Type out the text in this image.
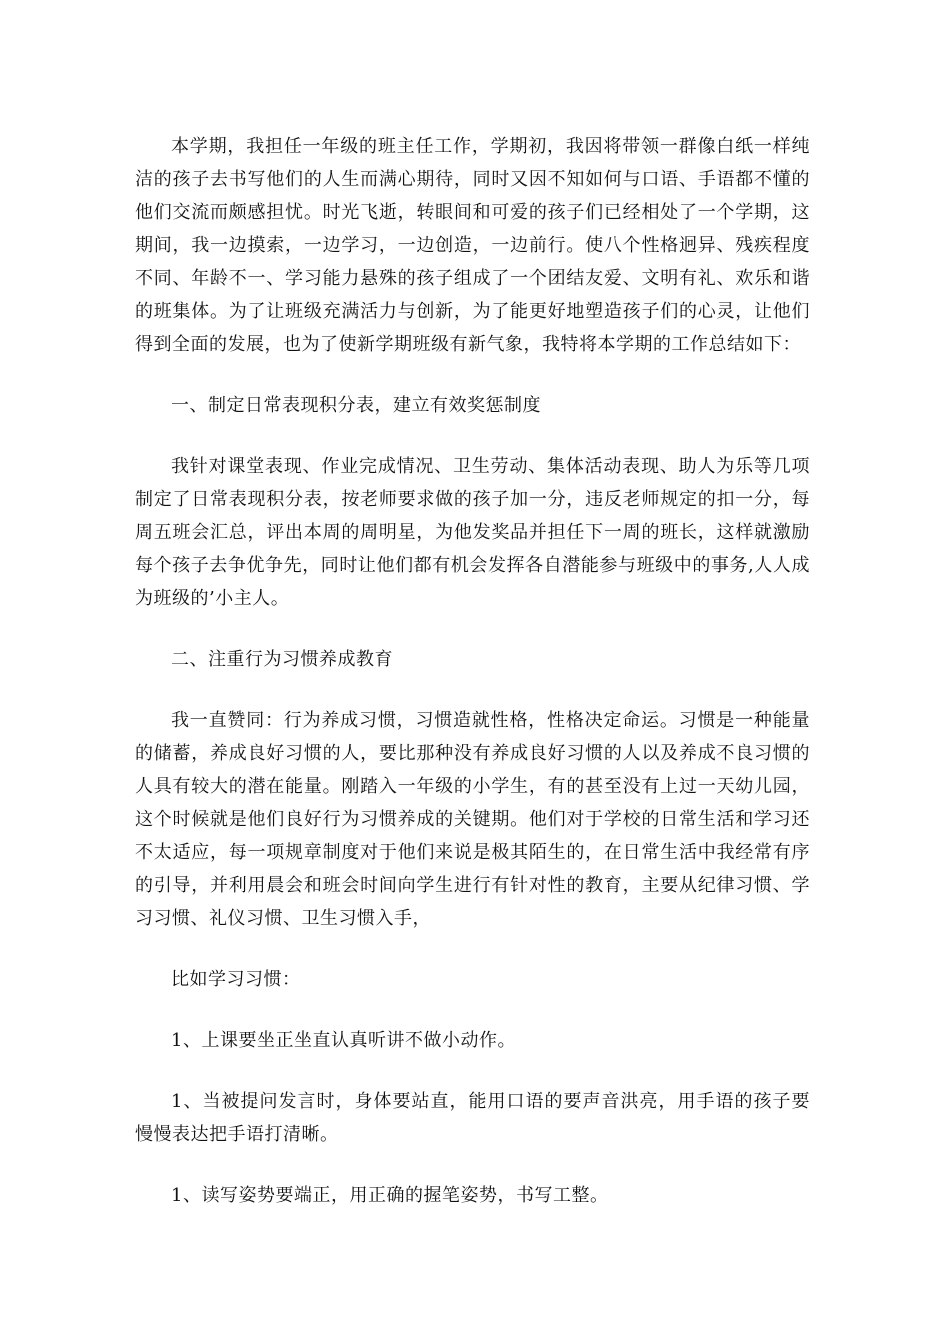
本学期，我担任一年级的班主任工作，学期初，我因将带领一群像白纸一样纯洁的孩子去书写他们的人生而满心期待，同时又因不知如何与口语、手语都不懂的他们交流而颇感担忧。时光飞逝，转眼间和可爱的孩子们已经相处了一个学期，这期间，我一边摸索，一边学习，一边创造，一边前行。使八个性格迥异、残疾程度不同、年龄不一、学习能力悬殊的孩子组成了一个团结友爱、文明有礼、欢乐和谐的班集体。为了让班级充满活力与创新，为了能更好地塑造孩子们的心灵，让他们得到全面的发展，也为了使新学期班级有新气象，我特将本学期的工作总结如下：

一、制定日常表现积分表，建立有效奖惩制度

我针对课堂表现、作业完成情况、卫生劳动、集体活动表现、助人为乐等几项制定了日常表现积分表，按老师要求做的孩子加一分，违反老师规定的扣一分，每周五班会汇总，评出本周的周明星，为他发奖品并担任下一周的班长，这样就激励每个孩子去争优争先，同时让他们都有机会发挥各自潜能参与班级中的事务,人人成为班级的’小主人。

二、注重行为习惯养成教育

我一直赞同：行为养成习惯，习惯造就性格，性格决定命运。习惯是一种能量的储蓄，养成良好习惯的人，要比那种没有养成良好习惯的人以及养成不良习惯的人具有较大的潜在能量。刚踏入一年级的小学生，有的甚至没有上过一天幼儿园，这个时候就是他们良好行为习惯养成的关键期。他们对于学校的日常生活和学习还不太适应，每一项规章制度对于他们来说是极其陌生的，在日常生活中我经常有序的引导，并利用晨会和班会时间向学生进行有针对性的教育，主要从纪律习惯、学习习惯、礼仪习惯、卫生习惯入手，

比如学习习惯：

1、上课要坐正坐直认真听讲不做小动作。

1、当被提问发言时，身体要站直，能用口语的要声音洪亮，用手语的孩子要慢慢表达把手语打清晰。

1、读写姿势要端正，用正确的握笔姿势，书写工整。
